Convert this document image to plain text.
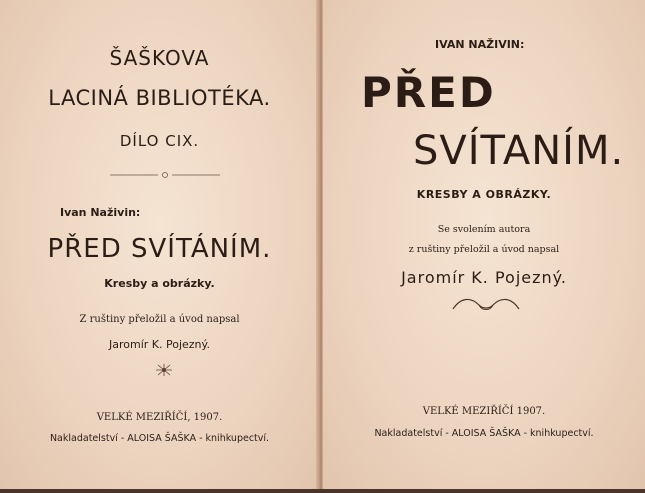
ŠAŠKOVA
LACINÁ BIBLIOTÉKA.
DÍLO CIX.
Ivan Naživin:
PŘED SVÍTÁNÍM.
Kresby a obrázky.
Z ruštiny přeložil a úvod napsal
Jaromír K. Pojezný.
VELKÉ MEZIŘÍČÍ, 1907.
Nakladatelství - ALOISA ŠAŠKA - knihkupectví.
IVAN NAŽIVIN:
PŘED
SVÍTANÍM.
KRESBY A OBRÁZKY.
Se svolením autora
z ruštiny přeložil a úvod napsal
Jaromír K. Pojezný.
VELKÉ MEZIŘÍČÍ 1907.
Nakladatelství - ALOISA ŠAŠKA - knihkupectví.
